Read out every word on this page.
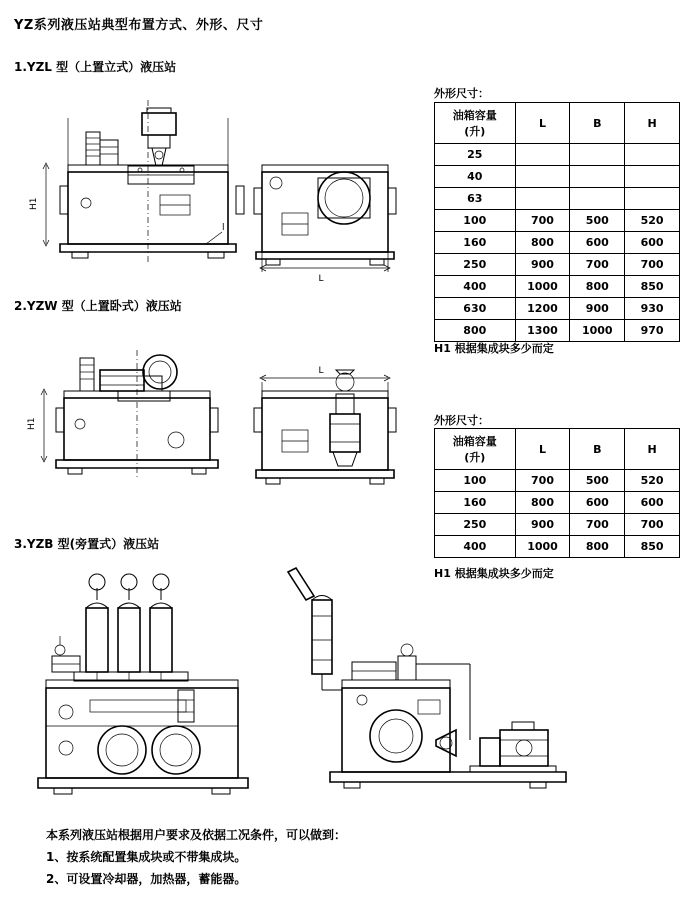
YZ系列液压站典型布置方式、外形、尺寸
1.YZL 型（上置立式）液压站
2.YZW 型（上置卧式）液压站
3.YZB 型(旁置式）液压站
H1
l
L
H1
L
外形尺寸：
油箱容量
(升)	L	B	H
25			
40			
63			
100	700	500	520
160	800	600	600
250	900	700	700
400	1000	800	850
630	1200	900	930
800	1300	1000	970
H1 根据集成块多少而定
外形尺寸：
油箱容量
(升)	L	B	H
100	700	500	520
160	800	600	600
250	900	700	700
400	1000	800	850
H1 根据集成块多少而定
本系列液压站根据用户要求及依据工况条件，可以做到：
1、按系统配置集成块或不带集成块。
2、可设置冷却器，加热器，蓄能器。
